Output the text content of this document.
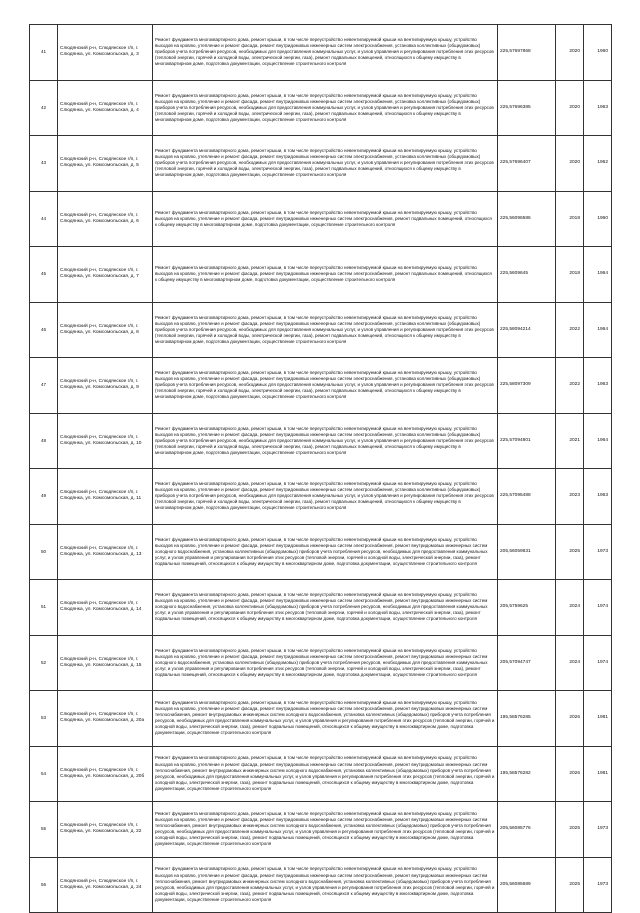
41	Слюдянский р-н, Слюдянское г/п, г. Слюдянка, ул. Комсомольская, д. 3	Ремонт фундамента многоквартирного дома, ремонт крыши, в том числе переустройство невентилируемой крыши на вентилируемую крышу, устройство выходов на кровлю, утепление и ремонт фасада, ремонт внутридомовых инженерных систем электроснабжения, установка коллективных (общедомовых) приборов учета потребления ресурсов, необходимых для предоставления коммунальных услуг, и узлов управления и регулирования потребления этих ресурсов (тепловой энергии, горячей и холодной воды, электрической энергии, газа), ремонт подвальных помещений, относящихся к общему имуществу в многоквартирном доме, подготовка документации, осуществление строительного контроля	225,57697868	2020	1960
42	Слюдянский р-н, Слюдянское г/п, г. Слюдянка, ул. Комсомольская, д. 4	Ремонт фундамента многоквартирного дома, ремонт крыши, в том числе переустройство невентилируемой крыши на вентилируемую крышу, устройство выходов на кровлю, утепление и ремонт фасада, ремонт внутридомовых инженерных систем электроснабжения, установка коллективных (общедомовых) приборов учета потребления ресурсов, необходимых для предоставления коммунальных услуг, и узлов управления и регулирования потребления этих ресурсов (тепловой энергии, горячей и холодной воды, электрической энергии, газа), ремонт подвальных помещений, относящихся к общему имуществу в многоквартирном доме, подготовка документации, осуществление строительного контроля	225,57696385	2020	1963
43	Слюдянский р-н, Слюдянское г/п, г. Слюдянка, ул. Комсомольская, д. 5	Ремонт фундамента многоквартирного дома, ремонт крыши, в том числе переустройство невентилируемой крыши на вентилируемую крышу, устройство выходов на кровлю, утепление и ремонт фасада, ремонт внутридомовых инженерных систем электроснабжения, установка коллективных (общедомовых) приборов учета потребления ресурсов, необходимых для предоставления коммунальных услуг, и узлов управления и регулирования потребления этих ресурсов (тепловой энергии, горячей и холодной воды, электрической энергии, газа), ремонт подвальных помещений, относящихся к общему имуществу в многоквартирном доме, подготовка документации, осуществление строительного контроля	225,57696407	2020	1962
44	Слюдянский р-н, Слюдянское г/п, г. Слюдянка, ул. Комсомольская, д. 6	Ремонт фундамента многоквартирного дома, ремонт крыши, в том числе переустройство невентилируемой крыши на вентилируемую крышу, устройство выходов на кровлю, утепление и ремонт фасада, ремонт внутридомовых инженерных систем электроснабжения, ремонт подвальных помещений, относящихся к общему имуществу в многоквартирном доме, подготовка документации, осуществление строительного контроля	225,56096586	2018	1960
45	Слюдянский р-н, Слюдянское г/п, г. Слюдянка, ул. Комсомольская, д. 7	Ремонт фундамента многоквартирного дома, ремонт крыши, в том числе переустройство невентилируемой крыши на вентилируемую крышу, устройство выходов на кровлю, утепление и ремонт фасада, ремонт внутридомовых инженерных систем электроснабжения, ремонт подвальных помещений, относящихся к общему имуществу в многоквартирном доме, подготовка документации, осуществление строительного контроля	225,5609645	2018	1964
46	Слюдянский р-н, Слюдянское г/п, г. Слюдянка, ул. Комсомольская, д. 8	Ремонт фундамента многоквартирного дома, ремонт крыши, в том числе переустройство невентилируемой крыши на вентилируемую крышу, устройство выходов на кровлю, утепление и ремонт фасада, ремонт внутридомовых инженерных систем электроснабжения, установка коллективных (общедомовых) приборов учета потребления ресурсов, необходимых для предоставления коммунальных услуг, и узлов управления и регулирования потребления этих ресурсов (тепловой энергии, горячей и холодной воды, электрической энергии, газа), ремонт подвальных помещений, относящихся к общему имуществу в многоквартирном доме, подготовка документации, осуществление строительного контроля	225,58094214	2022	1964
47	Слюдянский р-н, Слюдянское г/п, г. Слюдянка, ул. Комсомольская, д. 9	Ремонт фундамента многоквартирного дома, ремонт крыши, в том числе переустройство невентилируемой крыши на вентилируемую крышу, устройство выходов на кровлю, утепление и ремонт фасада, ремонт внутридомовых инженерных систем электроснабжения, установка коллективных (общедомовых) приборов учета потребления ресурсов, необходимых для предоставления коммунальных услуг, и узлов управления и регулирования потребления этих ресурсов (тепловой энергии, горячей и холодной воды, электрической энергии, газа), ремонт подвальных помещений, относящихся к общему имуществу в многоквартирном доме, подготовка документации, осуществление строительного контроля	225,58097309	2022	1963
48	Слюдянский р-н, Слюдянское г/п, г. Слюдянка, ул. Комсомольская, д. 10	Ремонт фундамента многоквартирного дома, ремонт крыши, в том числе переустройство невентилируемой крыши на вентилируемую крышу, устройство выходов на кровлю, утепление и ремонт фасада, ремонт внутридомовых инженерных систем электроснабжения, установка коллективных (общедомовых) приборов учета потребления ресурсов, необходимых для предоставления коммунальных услуг, и узлов управления и регулирования потребления этих ресурсов (тепловой энергии, горячей и холодной воды, электрической энергии, газа), ремонт подвальных помещений, относящихся к общему имуществу в многоквартирном доме, подготовка документации, осуществление строительного контроля	225,57094801	2021	1964
49	Слюдянский р-н, Слюдянское г/п, г. Слюдянка, ул. Комсомольская, д. 11	Ремонт фундамента многоквартирного дома, ремонт крыши, в том числе переустройство невентилируемой крыши на вентилируемую крышу, устройство выходов на кровлю, утепление и ремонт фасада, ремонт внутридомовых инженерных систем электроснабжения, установка коллективных (общедомовых) приборов учета потребления ресурсов, необходимых для предоставления коммунальных услуг, и узлов управления и регулирования потребления этих ресурсов (тепловой энергии, горячей и холодной воды, электрической энергии, газа), ремонт подвальных помещений, относящихся к общему имуществу в многоквартирном доме, подготовка документации, осуществление строительного контроля	225,57095488	2023	1963
50	Слюдянский р-н, Слюдянское г/п, г. Слюдянка, ул. Комсомольская, д. 13	Ремонт фундамента многоквартирного дома, ремонт крыши, в том числе переустройство невентилируемой крыши на вентилируемую крышу, устройство выходов на кровлю, утепление и ремонт фасада, ремонт внутридомовых инженерных систем электроснабжения, ремонт внутридомовых инженерных систем холодного водоснабжения, установка коллективных (общедомовых) приборов учета потребления ресурсов, необходимых для предоставления коммунальных услуг, и узлов управления и регулирования потребления этих ресурсов (тепловой энергии, горячей и холодной воды, электрической энергии, газа), ремонт подвальных помещений, относящихся к общему имуществу в многоквартирном доме, подготовка документации, осуществление строительного контроля	205,56059831	2025	1973
51	Слюдянский р-н, Слюдянское г/п, г. Слюдянка, ул. Комсомольская, д. 14	Ремонт фундамента многоквартирного дома, ремонт крыши, в том числе переустройство невентилируемой крыши на вентилируемую крышу, устройство выходов на кровлю, утепление и ремонт фасада, ремонт внутридомовых инженерных систем электроснабжения, ремонт внутридомовых инженерных систем холодного водоснабжения, установка коллективных (общедомовых) приборов учета потребления ресурсов, необходимых для предоставления коммунальных услуг, и узлов управления и регулирования потребления этих ресурсов (тепловой энергии, горячей и холодной воды, электрической энергии, газа), ремонт подвальных помещений, относящихся к общему имуществу в многоквартирном доме, подготовка документации, осуществление строительного контроля	205,5759625	2024	1974
52	Слюдянский р-н, Слюдянское г/п, г. Слюдянка, ул. Комсомольская, д. 15	Ремонт фундамента многоквартирного дома, ремонт крыши, в том числе переустройство невентилируемой крыши на вентилируемую крышу, устройство выходов на кровлю, утепление и ремонт фасада, ремонт внутридомовых инженерных систем электроснабжения, ремонт внутридомовых инженерных систем холодного водоснабжения, установка коллективных (общедомовых) приборов учета потребления ресурсов, необходимых для предоставления коммунальных услуг, и узлов управления и регулирования потребления этих ресурсов (тепловой энергии, горячей и холодной воды, электрической энергии, газа), ремонт подвальных помещений, относящихся к общему имуществу в многоквартирном доме, подготовка документации, осуществление строительного контроля	205,57094747	2024	1974
53	Слюдянский р-н, Слюдянское г/п, г. Слюдянка, ул. Комсомольская, д. 20а	Ремонт фундамента многоквартирного дома, ремонт крыши, в том числе переустройство невентилируемой крыши на вентилируемую крышу, устройство выходов на кровлю, утепление и ремонт фасада, ремонт внутридомовых инженерных систем электроснабжения, ремонт внутридомовых инженерных систем теплоснабжения, ремонт внутридомовых инженерных систем холодного водоснабжения, установка коллективных (общедомовых) приборов учета потребления ресурсов, необходимых для предоставления коммунальных услуг, и узлов управления и регулирования потребления этих ресурсов (тепловой энергии, горячей и холодной воды, электрической энергии, газа), ремонт подвальных помещений, относящихся к общему имуществу в многоквартирном доме, подготовка документации, осуществление строительного контроля	195,58576285	2026	1981
54	Слюдянский р-н, Слюдянское г/п, г. Слюдянка, ул. Комсомольская, д. 20б	Ремонт фундамента многоквартирного дома, ремонт крыши, в том числе переустройство невентилируемой крыши на вентилируемую крышу, устройство выходов на кровлю, утепление и ремонт фасада, ремонт внутридомовых инженерных систем электроснабжения, ремонт внутридомовых инженерных систем теплоснабжения, ремонт внутридомовых инженерных систем холодного водоснабжения, установка коллективных (общедомовых) приборов учета потребления ресурсов, необходимых для предоставления коммунальных услуг, и узлов управления и регулирования потребления этих ресурсов (тепловой энергии, горячей и холодной воды, электрической энергии, газа), ремонт подвальных помещений, относящихся к общему имуществу в многоквартирном доме, подготовка документации, осуществление строительного контроля	195,58576282	2026	1981
55	Слюдянский р-н, Слюдянское г/п, г. Слюдянка, ул. Комсомольская, д. 22	Ремонт фундамента многоквартирного дома, ремонт крыши, в том числе переустройство невентилируемой крыши на вентилируемую крышу, устройство выходов на кровлю, утепление и ремонт фасада, ремонт внутридомовых инженерных систем электроснабжения, ремонт внутридомовых инженерных систем теплоснабжения, ремонт внутридомовых инженерных систем холодного водоснабжения, установка коллективных (общедомовых) приборов учета потребления ресурсов, необходимых для предоставления коммунальных услуг, и узлов управления и регулирования потребления этих ресурсов (тепловой энергии, горячей и холодной воды, электрической энергии, газа), ремонт подвальных помещений, относящихся к общему имуществу в многоквартирном доме, подготовка документации, осуществление строительного контроля	205,56085776	2025	1973
56	Слюдянский р-н, Слюдянское г/п, г. Слюдянка, ул. Комсомольская, д. 24	Ремонт фундамента многоквартирного дома, ремонт крыши, в том числе переустройство невентилируемой крыши на вентилируемую крышу, устройство выходов на кровлю, утепление и ремонт фасада, ремонт внутридомовых инженерных систем электроснабжения, ремонт внутридомовых инженерных систем теплоснабжения, ремонт внутридомовых инженерных систем холодного водоснабжения, установка коллективных (общедомовых) приборов учета потребления ресурсов, необходимых для предоставления коммунальных услуг, и узлов управления и регулирования потребления этих ресурсов (тепловой энергии, горячей и холодной воды, электрической энергии, газа), ремонт подвальных помещений, относящихся к общему имуществу в многоквартирном доме, подготовка документации, осуществление строительного контроля	205,56085689	2025	1973
